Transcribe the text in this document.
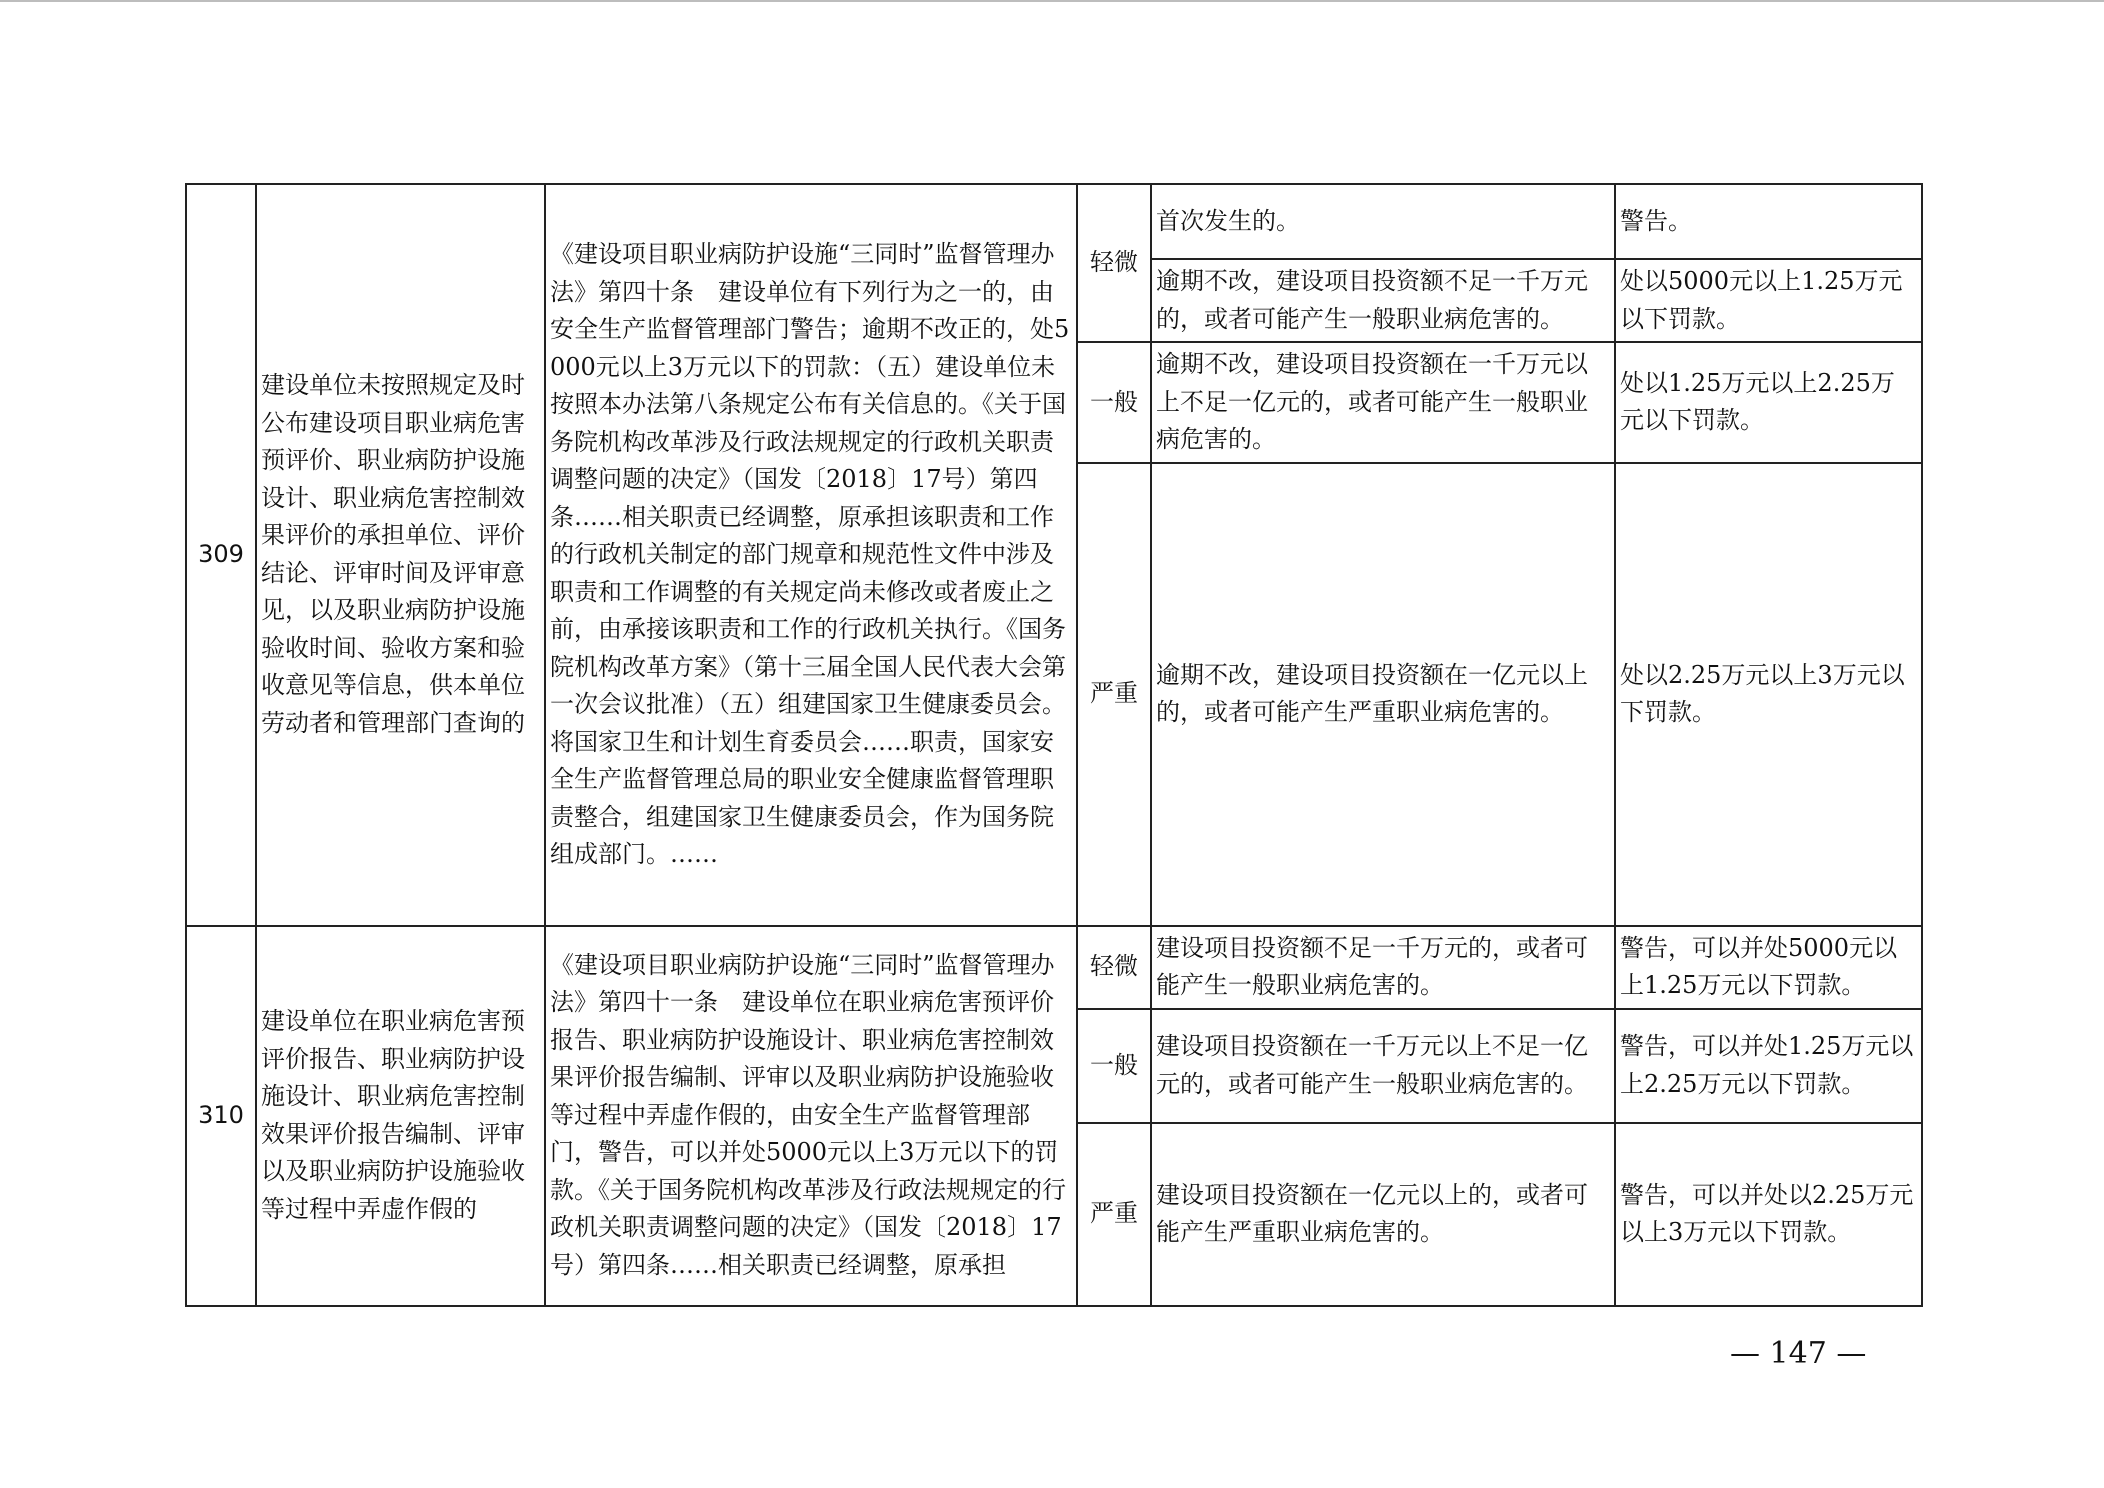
309	建设单位未按照规定及时公布建设项目职业病危害预评价、职业病防护设施设计、职业病危害控制效果评价的承担单位、评价结论、评审时间及评审意见，以及职业病防护设施验收时间、验收方案和验收意见等信息，供本单位劳动者和管理部门查询的	《建设项目职业病防护设施“三同时”监督管理办法》第四十条　建设单位有下列行为之一的，由安全生产监督管理部门警告；逾期不改正的，处5000元以上3万元以下的罚款：（五）建设单位未按照本办法第八条规定公布有关信息的。《关于国务院机构改革涉及行政法规规定的行政机关职责调整问题的决定》（国发〔2018〕17号）第四条……相关职责已经调整，原承担该职责和工作的行政机关制定的部门规章和规范性文件中涉及职责和工作调整的有关规定尚未修改或者废止之前，由承接该职责和工作的行政机关执行。《国务院机构改革方案》（第十三届全国人民代表大会第一次会议批准）（五）组建国家卫生健康委员会。将国家卫生和计划生育委员会……职责，国家安全生产监督管理总局的职业安全健康监督管理职责整合，组建国家卫生健康委员会，作为国务院组成部门。……	轻微	首次发生的。	警告。
				逾期不改，建设项目投资额不足一千万元的，或者可能产生一般职业病危害的。	处以5000元以上1.25万元以下罚款。
			一般	逾期不改，建设项目投资额在一千万元以上不足一亿元的，或者可能产生一般职业病危害的。	处以1.25万元以上2.25万元以下罚款。
			严重	逾期不改，建设项目投资额在一亿元以上的，或者可能产生严重职业病危害的。	处以2.25万元以上3万元以下罚款。

310	建设单位在职业病危害预评价报告、职业病防护设施设计、职业病危害控制效果评价报告编制、评审以及职业病防护设施验收等过程中弄虚作假的	《建设项目职业病防护设施“三同时”监督管理办法》第四十一条　建设单位在职业病危害预评价报告、职业病防护设施设计、职业病危害控制效果评价报告编制、评审以及职业病防护设施验收等过程中弄虚作假的，由安全生产监督管理部门，警告，可以并处5000元以上3万元以下的罚款。《关于国务院机构改革涉及行政法规规定的行政机关职责调整问题的决定》（国发〔2018〕17号）第四条……相关职责已经调整，原承担	轻微	建设项目投资额不足一千万元的，或者可能产生一般职业病危害的。	警告，可以并处5000元以上1.25万元以下罚款。
			一般	建设项目投资额在一千万元以上不足一亿元的，或者可能产生一般职业病危害的。	警告，可以并处1.25万元以上2.25万元以下罚款。
			严重	建设项目投资额在一亿元以上的，或者可能产生严重职业病危害的。	警告，可以并处以2.25万元以上3万元以下罚款。
— 147 —
